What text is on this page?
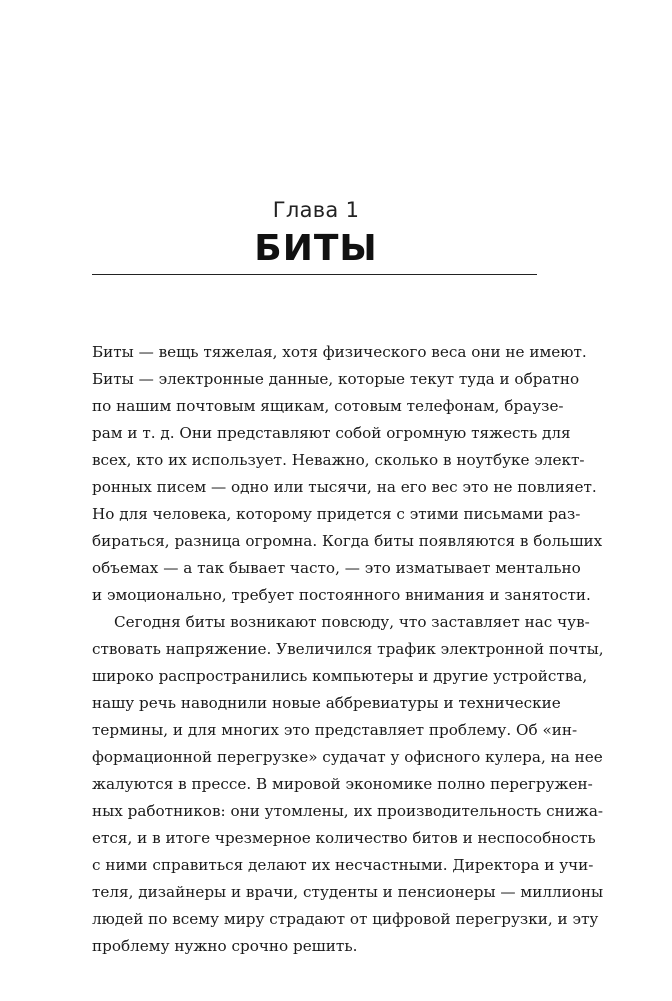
Глава 1
БИТЫ
Биты — вещь тяжелая, хотя физического веса они не имеют.
Биты — электронные данные, которые текут туда и обратно
по нашим почтовым ящикам, сотовым телефонам, браузе-
рам и т. д. Они представляют собой огромную тяжесть для
всех, кто их использует. Неважно, сколько в ноутбуке элект-
ронных писем — одно или тысячи, на его вес это не повлияет.
Но для человека, которому придется с этими письмами раз-
бираться, разница огромна. Когда биты появляются в больших
объемах — а так бывает часто, — это изматывает ментально
и эмоционально, требует постоянного внимания и занятости.
Сегодня биты возникают повсюду, что заставляет нас чув-
ствовать напряжение. Увеличился трафик электронной почты,
широко распространились компьютеры и другие устройства,
нашу речь наводнили новые аббревиатуры и технические
термины, и для многих это представляет проблему. Об «ин-
формационной перегрузке» судачат у офисного кулера, на нее
жалуются в прессе. В мировой экономике полно перегружен-
ных работников: они утомлены, их производительность снижа-
ется, и в итоге чрезмерное количество битов и неспособность
с ними справиться делают их несчастными. Директора и учи-
теля, дизайнеры и врачи, студенты и пенсионеры — миллионы
людей по всему миру страдают от цифровой перегрузки, и эту
проблему нужно срочно решить.
